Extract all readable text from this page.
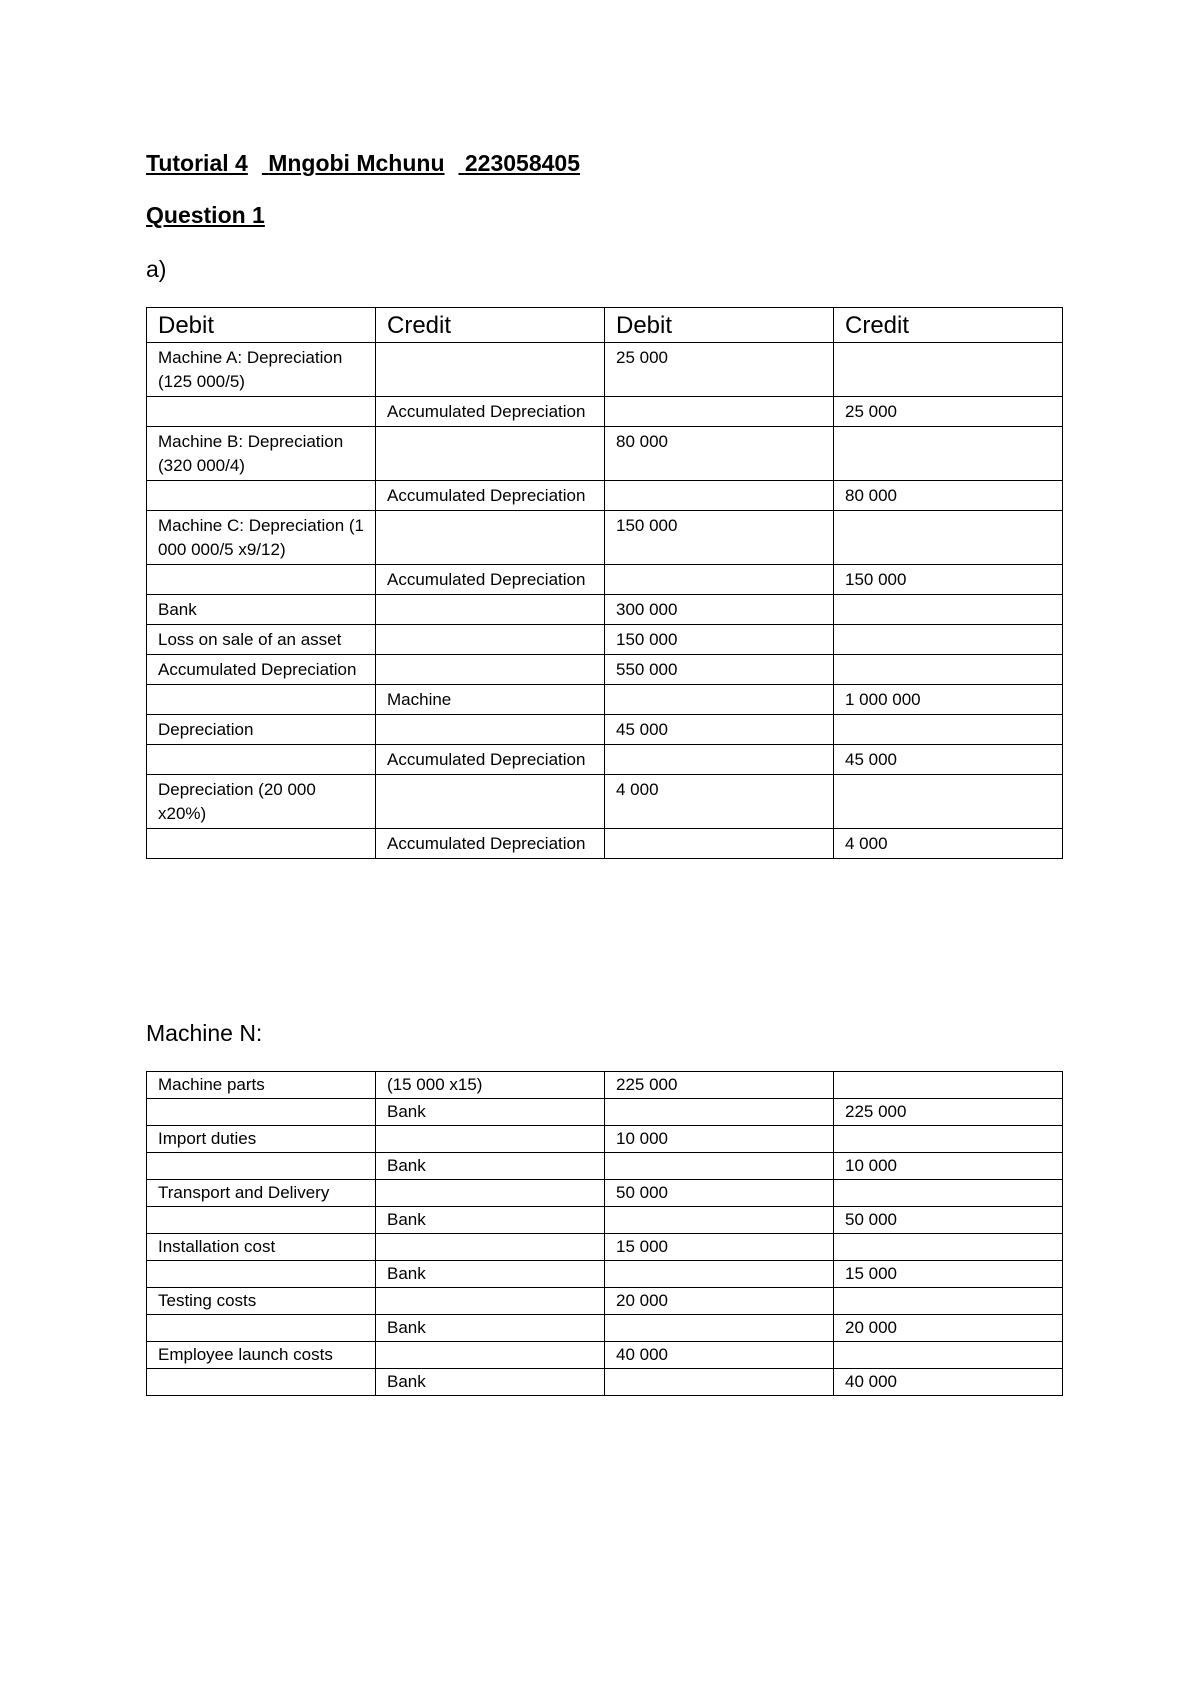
Tutorial 4 Mngobi Mchunu 223058405
Question 1
a)
Debit	Credit	Debit	Credit
Machine A: Depreciation (125 000/5)		25 000	
	Accumulated Depreciation		25 000
Machine B: Depreciation (320 000/4)		80 000	
	Accumulated Depreciation		80 000
Machine C: Depreciation (1 000 000/5 x9/12)		150 000	
	Accumulated Depreciation		150 000
Bank		300 000	
Loss on sale of an asset		150 000	
Accumulated Depreciation		550 000	
	Machine		1 000 000
Depreciation		45 000	
	Accumulated Depreciation		45 000
Depreciation (20 000 x20%)		4 000	
	Accumulated Depreciation		4 000
Machine N:
Machine parts	(15 000 x15)	225 000	
	Bank		225 000
Import duties		10 000	
	Bank		10 000
Transport and Delivery		50 000	
	Bank		50 000
Installation cost		15 000	
	Bank		15 000
Testing costs		20 000	
	Bank		20 000
Employee launch costs		40 000	
	Bank		40 000
